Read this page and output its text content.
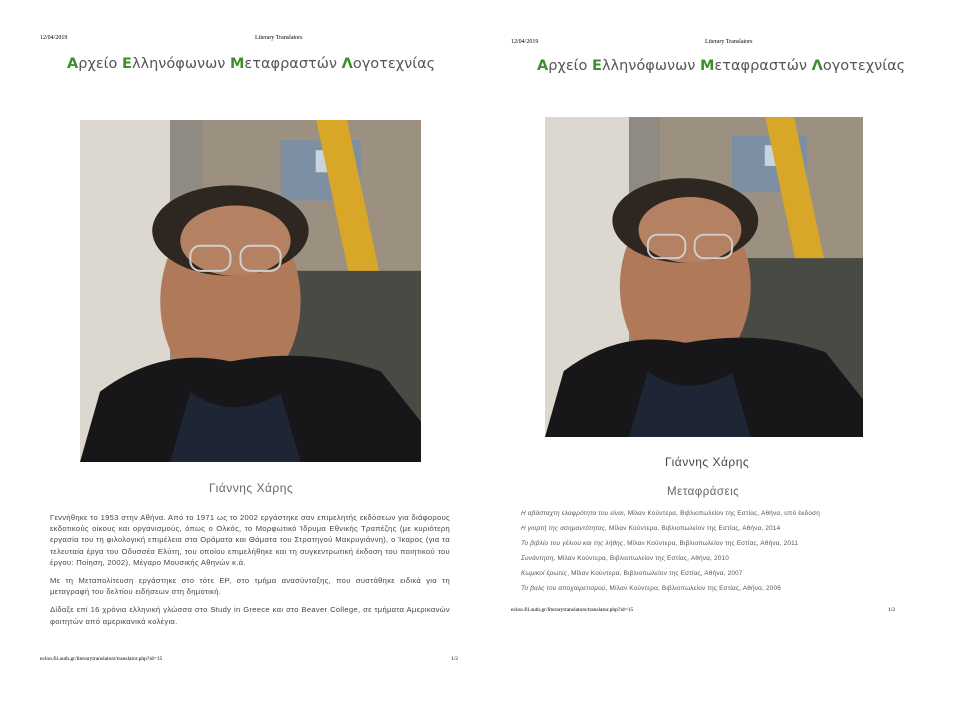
12/04/2019	Literary Translators
Αρχείο Ελληνόφωνων Μεταφραστών Λογοτεχνίας
Γιάννης Χάρης

Γεννήθηκε το 1953 στην Αθήνα. Από το 1971 ως το 2002 εργάστηκε σαν επιμελητής εκδόσεων για διάφορους εκδοτικούς οίκους και οργανισμούς, όπως ο Ολκός, το Μορφωτικό Ίδρυμα Εθνικής Τραπέζης (με κυριότερη εργασία του τη φιλολογική επιμέλεια στα Οράματα και Θάματα του Στρατηγού Μακρυγιάννη), ο Ίκαρος (για τα τελευταία έργα του Οδυσσέα Ελύτη, του οποίου επιμελήθηκε και τη συγκεντρωτική έκδοση του ποιητικού του έργου: Ποίηση, 2002), Μέγαρο Μουσικής Αθηνών κ.ά.

Με τη Μεταπολίτευση εργάστηκε στο τότε ΕΡ, στο τμήμα ανασύνταξης, που συστάθηκε ειδικά για τη μεταγραφή του δελτίου ειδήσεων στη δημοτική.

Δίδαξε επί 16 χρόνια ελληνική γλώσσα στο Study in Greece και στο Beaver College, σε τμήματα Αμερικανών φοιτητών από αμερικανικά κολέγια.

ecloo.fil.auth.gr/literarytranslators/translator.php?id=15	1/2
12/04/2019	Literary Translators
Αρχείο Ελληνόφωνων Μεταφραστών Λογοτεχνίας
Γιάννης Χάρης
Μεταφράσεις
Η αβάσταχτη ελαφρότητα του είναι, Μίλαν Κούντερα, Βιβλιοπωλείον της Εστίας, Αθήνα, υπό έκδοση
Η γιορτή της ασημαντότητας, Μίλαν Κούντερα, Βιβλιοπωλείον της Εστίας, Αθήνα, 2014
Το βιβλίο του γέλιου και της λήθης, Μίλαν Κούντερα, Βιβλιοπωλείον της Εστίας, Αθήνα, 2011
Συνάντηση, Μίλαν Κούντερα, Βιβλιοπωλείον της Εστίας, Αθήνα, 2010
Κωμικοί έρωτες, Μίλαν Κούντερα, Βιβλιοπωλείον της Εστίας, Αθήνα, 2007
Το βαλς του αποχαιρετισμού, Μίλαν Κούντερα, Βιβλιοπωλείον της Εστίας, Αθήνα, 2006
ecloo.fil.auth.gr/literarytranslators/translator.php?id=15	1/2
